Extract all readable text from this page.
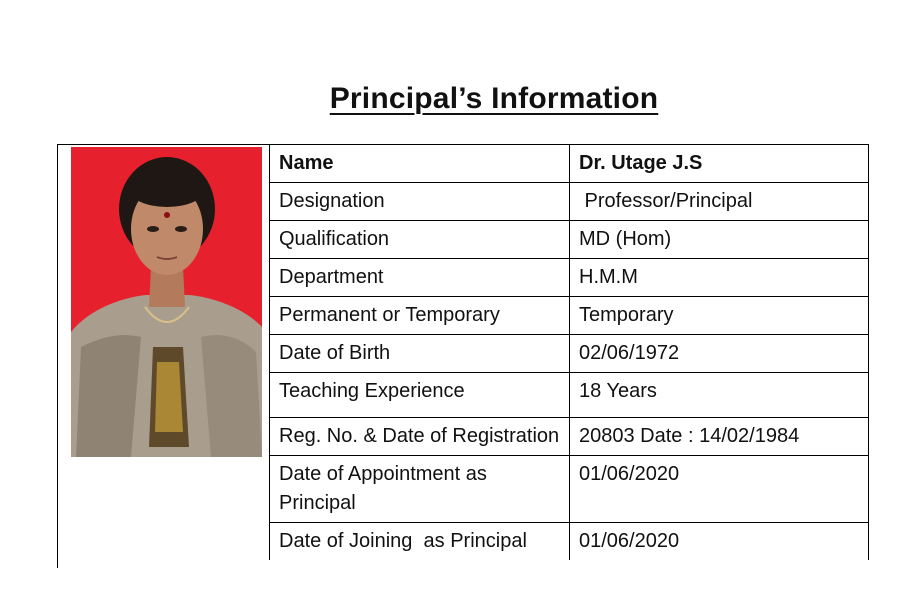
Principal’s Information
Name	Dr. Utage J.S
Designation	Professor/Principal
Qualification	MD (Hom)
Department	H.M.M
Permanent or Temporary	Temporary
Date of Birth	02/06/1972
Teaching Experience	18 Years
Reg. No. & Date of Registration	20803 Date : 14/02/1984
Date of Appointment as Principal	01/06/2020
Date of Joining  as Principal	01/06/2020
